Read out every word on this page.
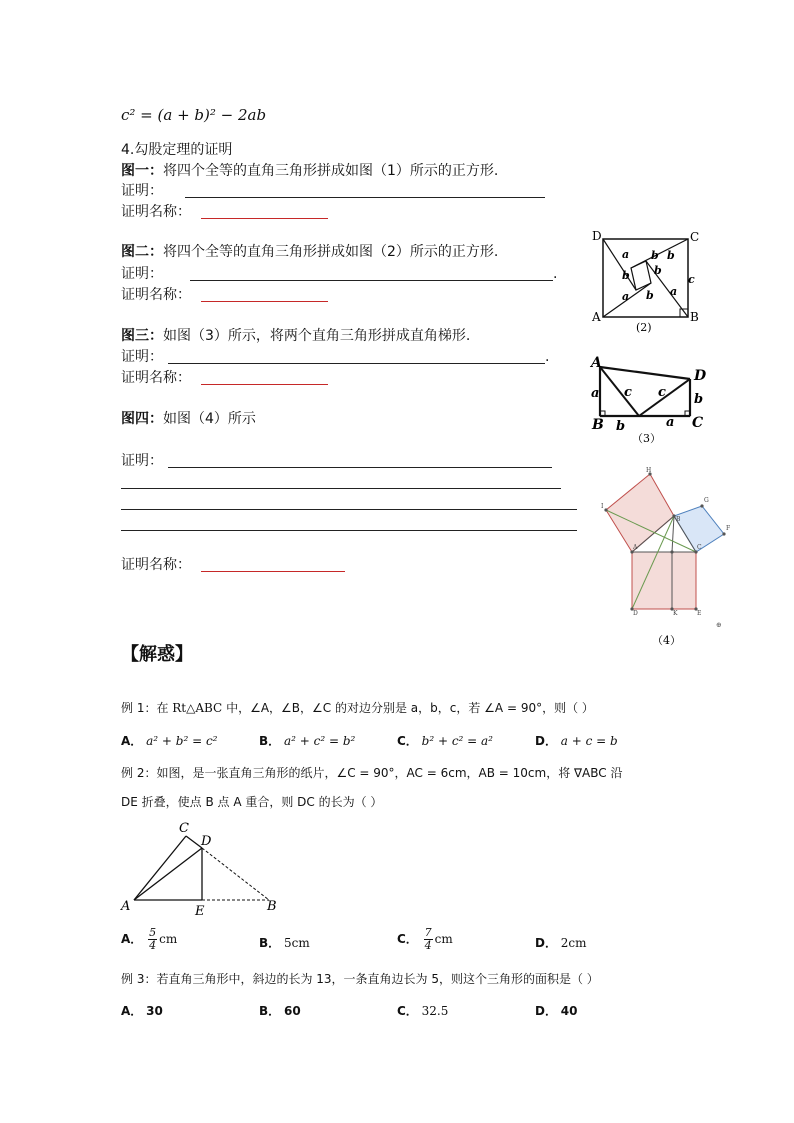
c² = (a + b)² − 2ab
4.勾股定理的证明
图一：将四个全等的直角三角形拼成如图（1）所示的正方形.
证明：
证明名称：
图二：将四个全等的直角三角形拼成如图（2）所示的正方形.
证明：	.
证明名称：
图三：如图（3）所示，将两个直角三角形拼成直角梯形.
证明：	.
证明名称：
图四：如图（4）所示
证明：
证明名称：
D	C
A	B
a b b
b b
c
a b a
(2)
A
D
B	C
a c c b
b	a
（3）
H
I
G
F
A
B
C
D	K	E
⊕
（4）
【解惑】
例 1：在 Rt△ABC 中，∠A，∠B，∠C 的对边分别是 a，b，c，若 ∠A = 90°，则（ ）
A． a² + b² = c²	B． a² + c² = b²	C． b² + c² = a²	D． a + c = b
例 2：如图，是一张直角三角形的纸片，∠C = 90°，AC = 6cm，AB = 10cm，将 ∇ABC 沿
DE 折叠，使点 B 点 A 重合，则 DC 的长为（ ）
C
D
A	E	B
A． $\frac{5}{4}$ cm	B． 5cm	C． $\frac{7}{4}$ cm	D． 2cm
例 3：若直角三角形中，斜边的长为 13，一条直角边长为 5，则这个三角形的面积是（ ）
A． 30	B． 60	C． 32.5	D． 40
